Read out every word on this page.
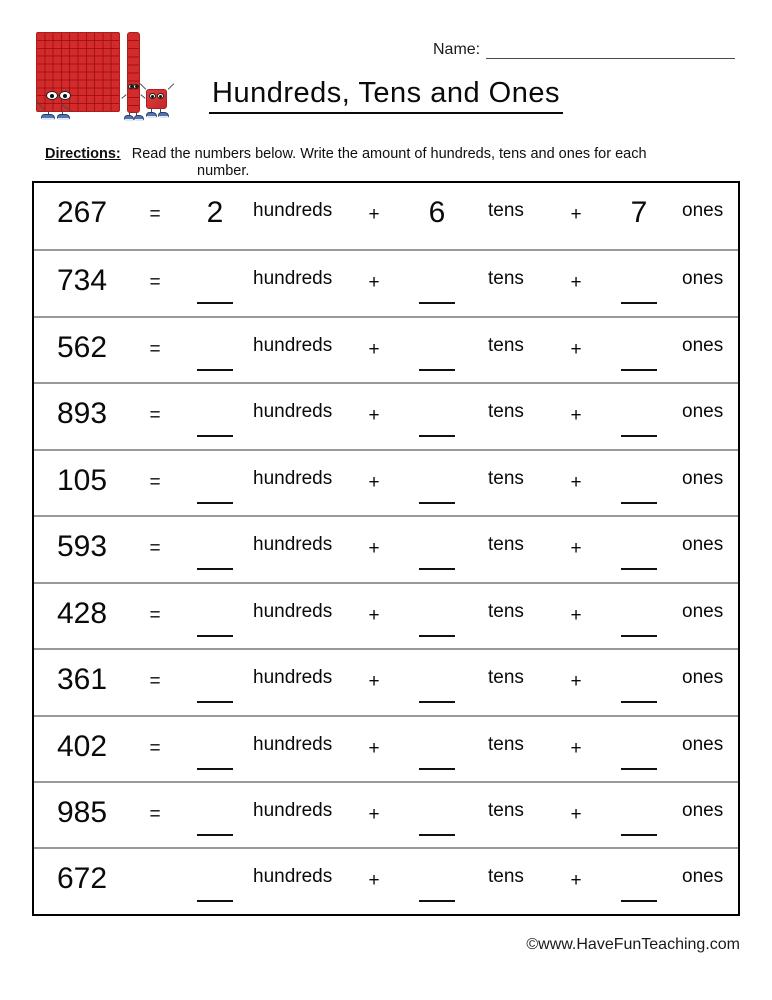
Name:
Hundreds, Tens and Ones
Directions: Read the numbers below. Write the amount of hundreds, tens and ones for each
number.
267	=	2	hundreds	+	6	tens	+	7	ones
734	=	hundreds	+	tens	+	ones
562	=	hundreds	+	tens	+	ones
893	=	hundreds	+	tens	+	ones
105	=	hundreds	+	tens	+	ones
593	=	hundreds	+	tens	+	ones
428	=	hundreds	+	tens	+	ones
361	=	hundreds	+	tens	+	ones
402	=	hundreds	+	tens	+	ones
985	=	hundreds	+	tens	+	ones
672	hundreds	+	tens	+	ones
©www.HaveFunTeaching.com
